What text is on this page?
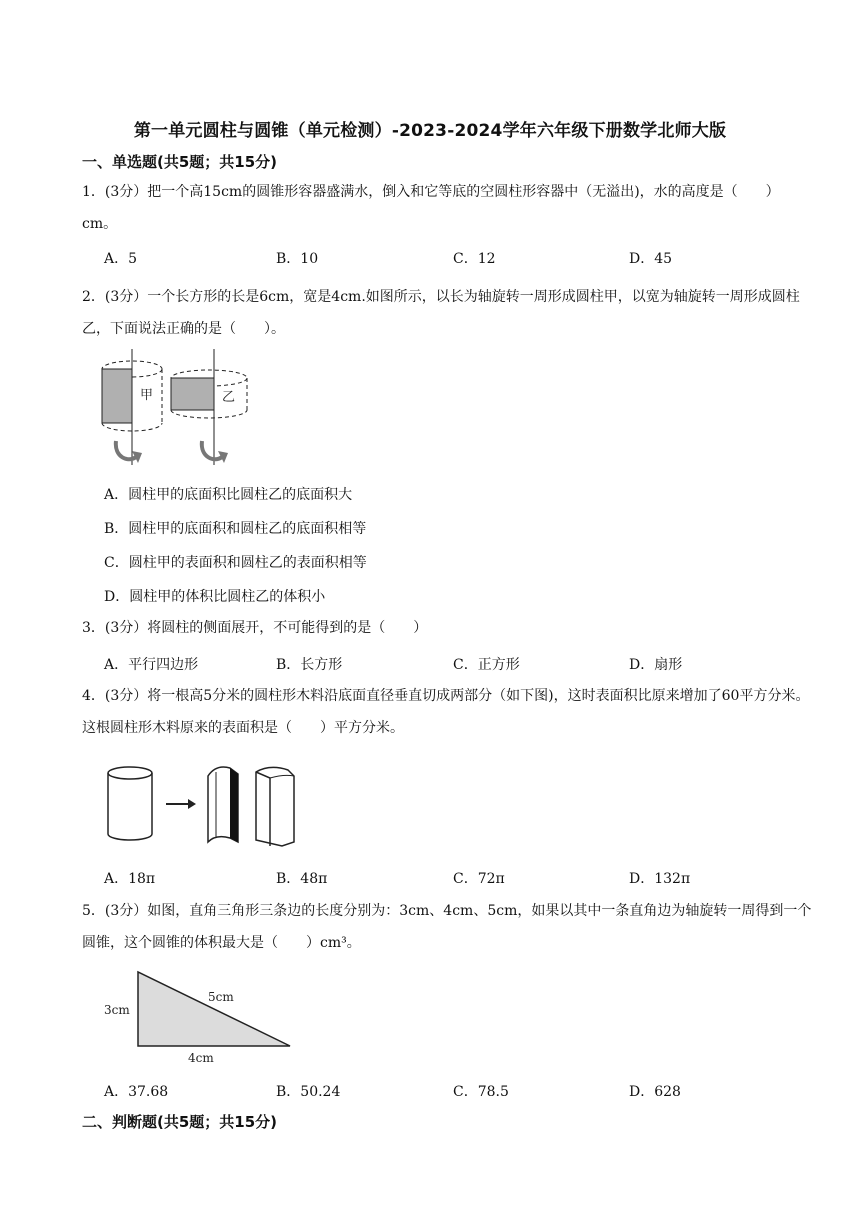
第一单元圆柱与圆锥（单元检测）-2023-2024学年六年级下册数学北师大版
一、单选题(共5题；共15分)
1．(3分）把一个高15cm的圆锥形容器盛满水，倒入和它等底的空圆柱形容器中（无溢出)，水的高度是（　　）cm。
A．5	B．10	C．12	D．45
2．(3分）一个长方形的长是6cm，宽是4cm.如图所示，以长为轴旋转一周形成圆柱甲，以宽为轴旋转一周形成圆柱乙，下面说法正确的是（　　）。
甲	乙
A．圆柱甲的底面积比圆柱乙的底面积大
B．圆柱甲的底面积和圆柱乙的底面积相等
C．圆柱甲的表面积和圆柱乙的表面积相等
D．圆柱甲的体积比圆柱乙的体积小
3．(3分）将圆柱的侧面展开，不可能得到的是（　　）
A．平行四边形	B．长方形	C．正方形	D．扇形
4．(3分）将一根高5分米的圆柱形木料沿底面直径垂直切成两部分（如下图)，这时表面积比原来增加了60平方分米。这根圆柱形木料原来的表面积是（　　）平方分米。
A．18π	B．48π	C．72π	D．132π
5．(3分）如图，直角三角形三条边的长度分别为：3cm、4cm、5cm，如果以其中一条直角边为轴旋转一周得到一个圆锥，这个圆锥的体积最大是（　　）cm³。
3cm
5cm
4cm
A．37.68	B．50.24	C．78.5	D．628
二、判断题(共5题；共15分)
